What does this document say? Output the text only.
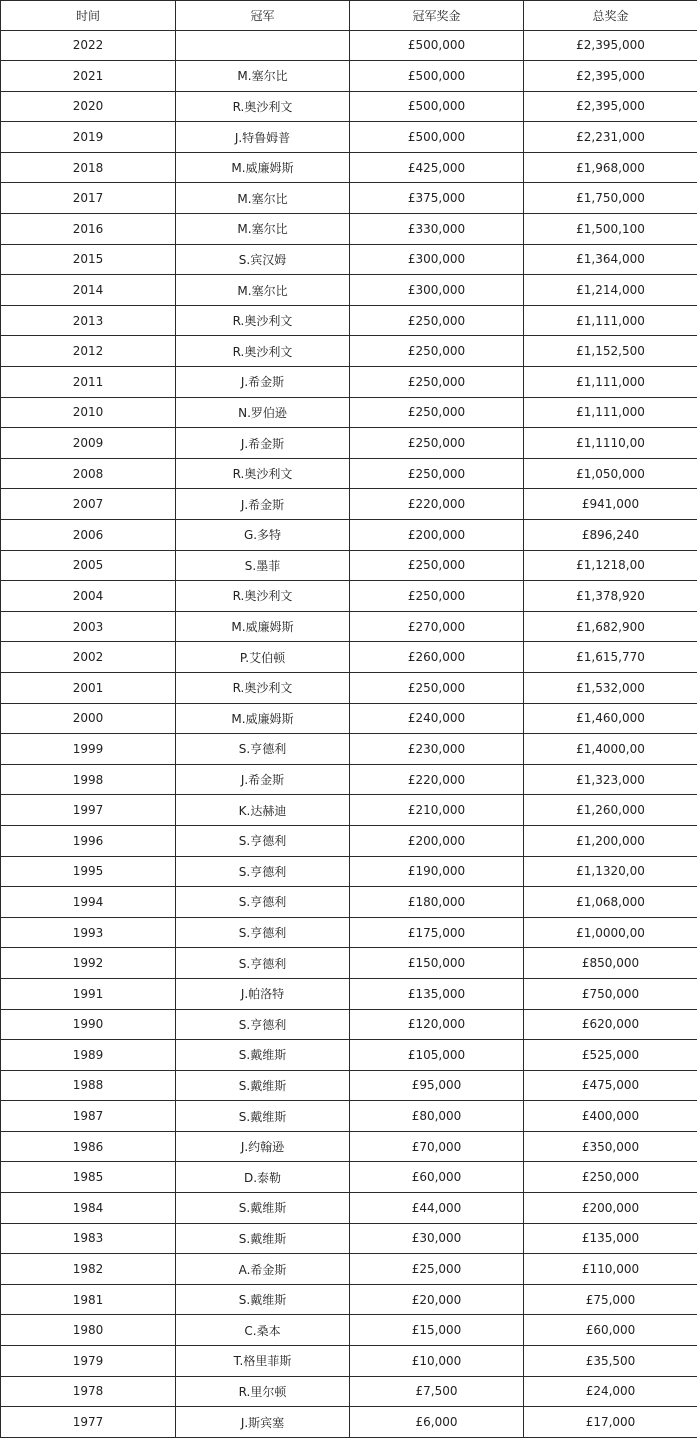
时间	冠军	冠军奖金	总奖金
2022		£500,000	£2,395,000
2021	M.塞尔比	£500,000	£2,395,000
2020	R.奥沙利文	£500,000	£2,395,000
2019	J.特鲁姆普	£500,000	£2,231,000
2018	M.威廉姆斯	£425,000	£1,968,000
2017	M.塞尔比	£375,000	£1,750,000
2016	M.塞尔比	£330,000	£1,500,100
2015	S.宾汉姆	£300,000	£1,364,000
2014	M.塞尔比	£300,000	£1,214,000
2013	R.奥沙利文	£250,000	£1,111,000
2012	R.奥沙利文	£250,000	£1,152,500
2011	J.希金斯	£250,000	£1,111,000
2010	N.罗伯逊	£250,000	£1,111,000
2009	J.希金斯	£250,000	£1,1110,00
2008	R.奥沙利文	£250,000	£1,050,000
2007	J.希金斯	£220,000	£941,000
2006	G.多特	£200,000	£896,240
2005	S.墨菲	£250,000	£1,1218,00
2004	R.奥沙利文	£250,000	£1,378,920
2003	M.威廉姆斯	£270,000	£1,682,900
2002	P.艾伯顿	£260,000	£1,615,770
2001	R.奥沙利文	£250,000	£1,532,000
2000	M.威廉姆斯	£240,000	£1,460,000
1999	S.亨德利	£230,000	£1,4000,00
1998	J.希金斯	£220,000	£1,323,000
1997	K.达赫迪	£210,000	£1,260,000
1996	S.亨德利	£200,000	£1,200,000
1995	S.亨德利	£190,000	£1,1320,00
1994	S.亨德利	£180,000	£1,068,000
1993	S.亨德利	£175,000	£1,0000,00
1992	S.亨德利	£150,000	£850,000
1991	J.帕洛特	£135,000	£750,000
1990	S.亨德利	£120,000	£620,000
1989	S.戴维斯	£105,000	£525,000
1988	S.戴维斯	£95,000	£475,000
1987	S.戴维斯	£80,000	£400,000
1986	J.约翰逊	£70,000	£350,000
1985	D.泰勒	£60,000	£250,000
1984	S.戴维斯	£44,000	£200,000
1983	S.戴维斯	£30,000	£135,000
1982	A.希金斯	£25,000	£110,000
1981	S.戴维斯	£20,000	£75,000
1980	C.桑本	£15,000	£60,000
1979	T.格里菲斯	£10,000	£35,500
1978	R.里尔顿	£7,500	£24,000
1977	J.斯宾塞	£6,000	£17,000
